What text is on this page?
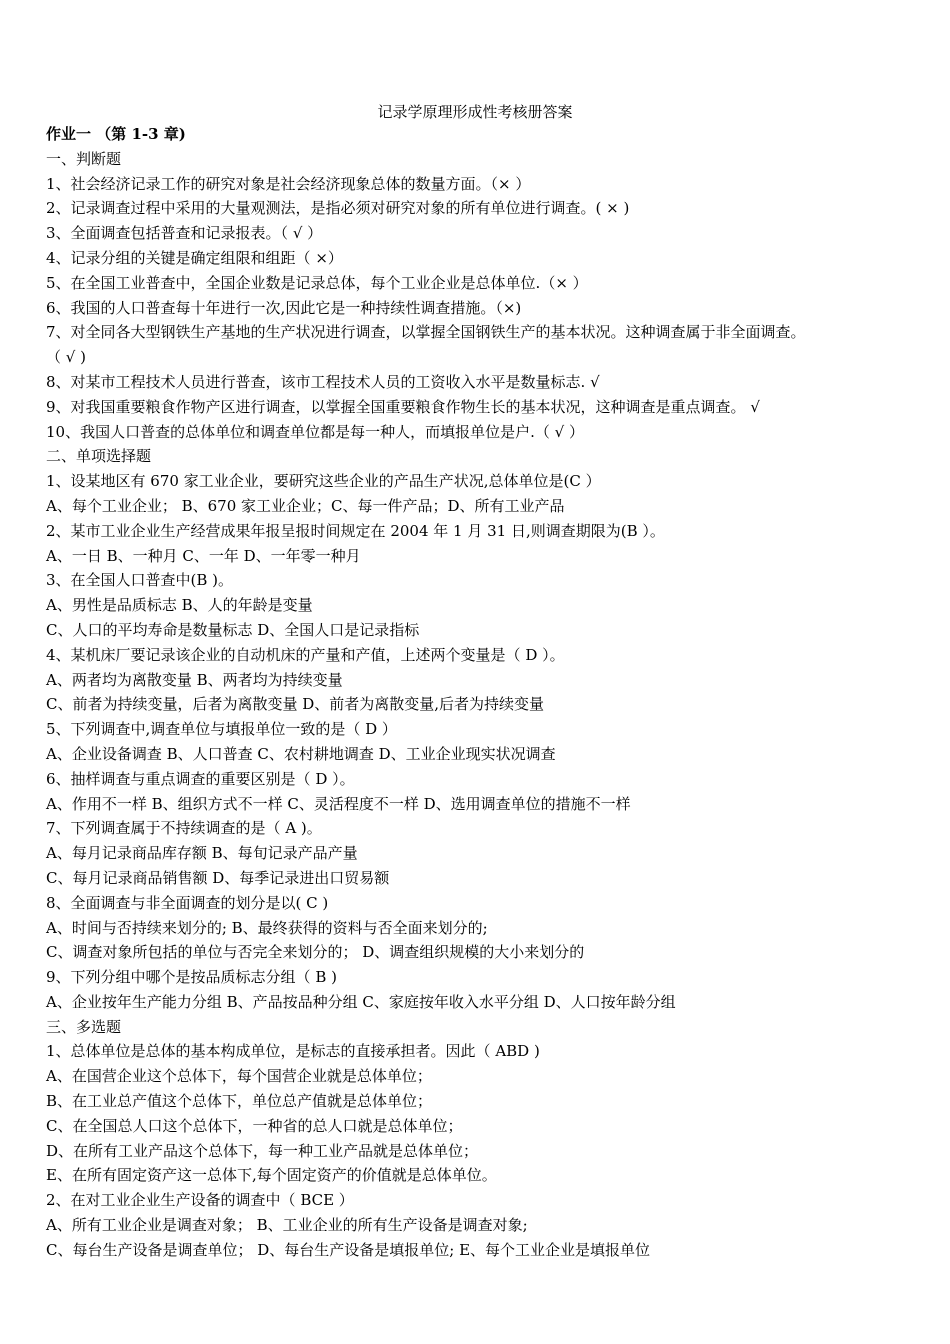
记录学原理形成性考核册答案
作业一 （第 1-3 章)
一、判断题
1、社会经济记录工作的研究对象是社会经济现象总体的数量方面。（× ）
2、记录调查过程中采用的大量观测法，是指必须对研究对象的所有单位进行调查。( × )
3、全面调查包括普查和记录报表。（ √ ）
4、记录分组的关键是确定组限和组距（ ×）
5、在全国工业普查中，全国企业数是记录总体，每个工业企业是总体单位.（× ）
6、我国的人口普查每十年进行一次,因此它是一种持续性调查措施。（×)
7、对全同各大型钢铁生产基地的生产状况进行调查，以掌握全国钢铁生产的基本状况。这种调查属于非全面调查。
（ √ )
8、对某市工程技术人员进行普查，该市工程技术人员的工资收入水平是数量标志. √
9、对我国重要粮食作物产区进行调查，以掌握全国重要粮食作物生长的基本状况，这种调查是重点调查。 √
10、我国人口普查的总体单位和调查单位都是每一种人，而填报单位是户.（ √ ）
二、单项选择题
1、设某地区有 670 家工业企业，要研究这些企业的产品生产状况,总体单位是(C ）
A、每个工业企业； B、670 家工业企业；C、每一件产品；D、所有工业产品
2、某市工业企业生产经营成果年报呈报时间规定在 2004 年 1 月 31 日,则调查期限为(B ）。
A、一日 B、一种月 C、一年 D、一年零一种月
3、在全国人口普查中(B )。
A、男性是品质标志 B、人的年龄是变量
C、人口的平均寿命是数量标志 D、全国人口是记录指标
4、某机床厂要记录该企业的自动机床的产量和产值，上述两个变量是（ D ）。
A、两者均为离散变量 B、两者均为持续变量
C、前者为持续变量，后者为离散变量 D、前者为离散变量,后者为持续变量
5、下列调查中,调查单位与填报单位一致的是（ D ）
A、企业设备调查 B、人口普查 C、农村耕地调查 D、工业企业现实状况调查
6、抽样调查与重点调查的重要区别是（ D ）。
A、作用不一样 B、组织方式不一样 C、灵活程度不一样 D、选用调查单位的措施不一样
7、下列调查属于不持续调查的是（ A )。
A、每月记录商品库存额 B、每旬记录产品产量
C、每月记录商品销售额 D、每季记录进出口贸易额
8、全面调查与非全面调查的划分是以( C )
A、时间与否持续来划分的; B、最终获得的资料与否全面来划分的;
C、调查对象所包括的单位与否完全来划分的； D、调查组织规模的大小来划分的
9、下列分组中哪个是按品质标志分组（ B )
A、企业按年生产能力分组 B、产品按品种分组 C、家庭按年收入水平分组 D、人口按年龄分组
三、多选题
1、总体单位是总体的基本构成单位，是标志的直接承担者。因此（ ABD )
A、在国营企业这个总体下，每个国营企业就是总体单位；
B、在工业总产值这个总体下，单位总产值就是总体单位；
C、在全国总人口这个总体下，一种省的总人口就是总体单位；
D、在所有工业产品这个总体下，每一种工业产品就是总体单位；
E、在所有固定资产这一总体下,每个固定资产的价值就是总体单位。
2、在对工业企业生产设备的调查中（ BCE ）
A、所有工业企业是调查对象； B、工业企业的所有生产设备是调查对象;
C、每台生产设备是调查单位； D、每台生产设备是填报单位; E、每个工业企业是填报单位
